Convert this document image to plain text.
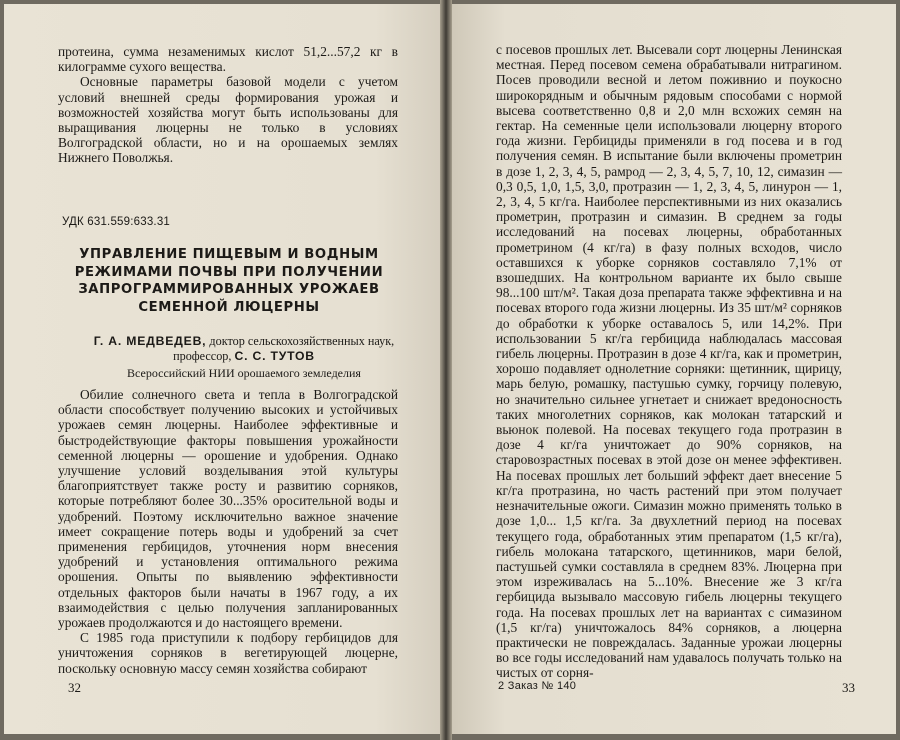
протеина, сумма незаменимых кислот 51,2...57,2 кг в килограмме сухого вещества.

Основные параметры базовой модели с учетом условий внешней среды формирования урожая и возможностей хозяйства могут быть использованы для выращивания люцерны не только в условиях Волгоградской области, но и на орошаемых землях Нижнего Поволжья.

УДК 631.559:633.31
УПРАВЛЕНИЕ ПИЩЕВЫМ И ВОДНЫМ РЕЖИМАМИ ПОЧВЫ ПРИ ПОЛУЧЕНИИ ЗАПРОГРАММИРОВАННЫХ УРОЖАЕВ СЕМЕННОЙ ЛЮЦЕРНЫ
Г. А. МЕДВЕДЕВ, доктор сельскохозяйственных наук, профессор, С. С. ТУТОВ
Всероссийский НИИ орошаемого земледелия

Обилие солнечного света и тепла в Волгоградской области способствует получению высоких и устойчивых урожаев семян люцерны. Наиболее эффективные и быстродействующие факторы повышения урожайности семенной люцерны — орошение и удобрения. Однако улучшение условий возделывания этой культуры благоприятствует также росту и развитию сорняков, которые потребляют более 30...35% оросительной воды и удобрений. Поэтому исключительно важное значение имеет сокращение потерь воды и удобрений за счет применения гербицидов, уточнения норм внесения удобрений и установления оптимального режима орошения. Опыты по выявлению эффективности отдельных факторов были начаты в 1967 году, а их взаимодействия с целью получения запланированных урожаев продолжаются и до настоящего времени.

С 1985 года приступили к подбору гербицидов для уничтожения сорняков в вегетирующей люцерне, поскольку основную массу семян хозяйства собирают

32

с посевов прошлых лет. Высевали сорт люцерны Ленинская местная. Перед посевом семена обрабатывали нитрагином. Посев проводили весной и летом поживнио и поукосно широкорядным и обычным рядовым способами с нормой высева соответственно 0,8 и 2,0 млн всхожих семян на гектар. На семенные цели использовали люцерну второго года жизни. Гербициды применяли в год посева и в год получения семян. В испытание были включены прометрин в дозе 1, 2, 3, 4, 5, рамрод — 2, 3, 4, 5, 7, 10, 12, симазин — 0,3 0,5, 1,0, 1,5, 3,0, протразин — 1, 2, 3, 4, 5, линурон — 1, 2, 3, 4, 5 кг/га. Наиболее перспективными из них оказались прометрин, протразин и симазин. В среднем за годы исследований на посевах люцерны, обработанных прометрином (4 кг/га) в фазу полных всходов, число оставшихся к уборке сорняков составляло 7,1% от взошедших. На контрольном варианте их было свыше 98...100 шт/м². Такая доза препарата также эффективна и на посевах второго года жизни люцерны. Из 35 шт/м² сорняков до обработки к уборке оставалось 5, или 14,2%. При использовании 5 кг/га гербицида наблюдалась массовая гибель люцерны. Протразин в дозе 4 кг/га, как и прометрин, хорошо подавляет однолетние сорняки: щетинник, щирицу, марь белую, ромашку, пастушью сумку, горчицу полевую, но значительно сильнее угнетает и снижает вредоносность таких многолетних сорняков, как молокан татарский и вьюнок полевой. На посевах текущего года протразин в дозе 4 кг/га уничтожает до 90% сорняков, на старовозрастных посевах в этой дозе он менее эффективен. На посевах прошлых лет больший эффект дает внесение 5 кг/га протразина, но часть растений при этом получает незначительные ожоги. Симазин можно применять только в дозе 1,0... 1,5 кг/га. За двухлетний период на посевах текущего года, обработанных этим препаратом (1,5 кг/га), гибель молокана татарского, щетинников, мари белой, пастушьей сумки составляла в среднем 83%. Люцерна при этом изреживалась на 5...10%. Внесение же 3 кг/га гербицида вызывало массовую гибель люцерны текущего года. На посевах прошлых лет на вариантах с симазином (1,5 кг/га) уничтожалось 84% сорняков, а люцерна практически не повреждалась. Заданные урожаи люцерны во все годы исследований нам удавалось получать только на чистых от сорня-

2 Заказ № 140	33
